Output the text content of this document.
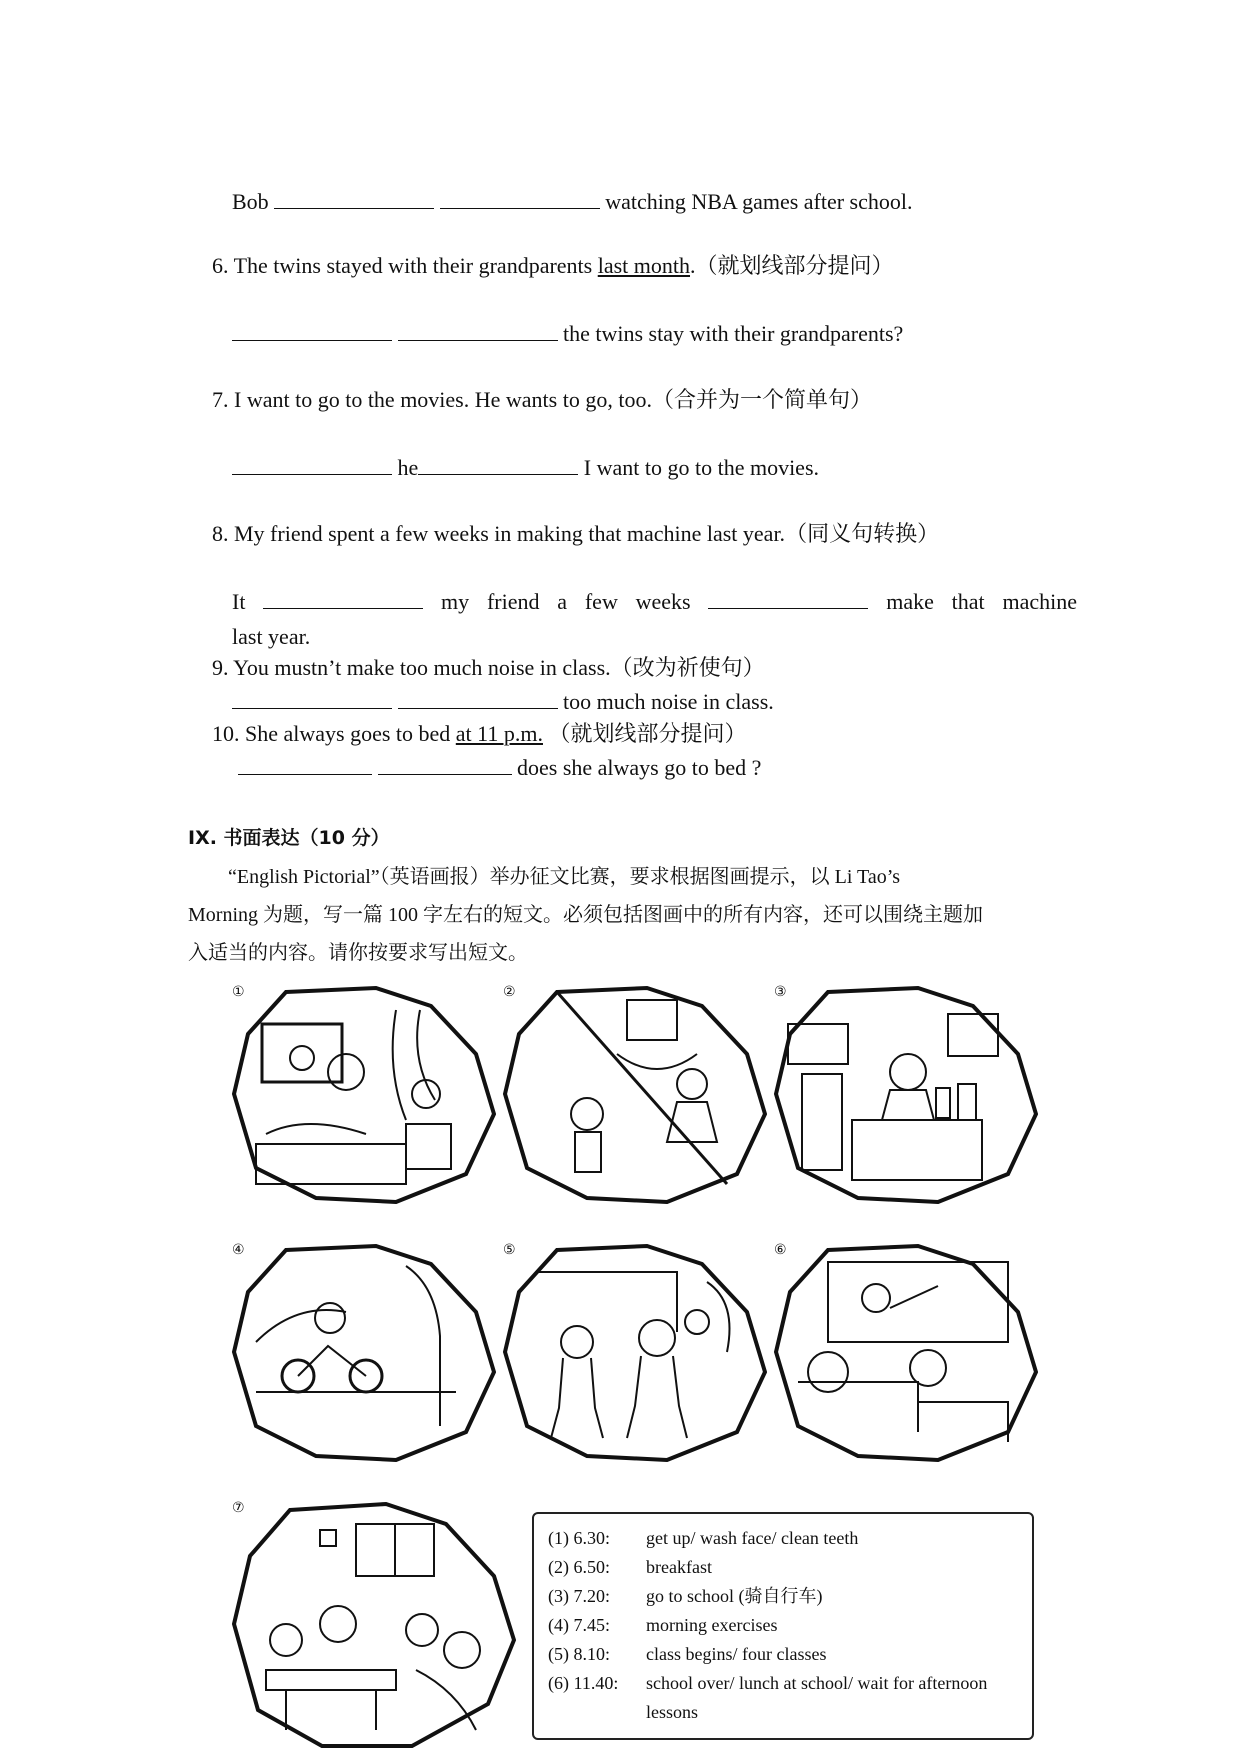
Bob	watching NBA games after school.
6. The twins stayed with their grandparents last month.（就划线部分提问）
the twins stay with their grandparents?
7. I want to go to the movies. He wants to go, too.（合并为一个简单句）
he	I want to go to the movies.
8. My friend spent a few weeks in making that machine last year.（同义句转换）
It	my friend a few weeks	make that machine
last year.
9. You mustn’t make too much noise in class.（改为祈使句）
too much noise in class.
10. She always goes to bed at 11 p.m. （就划线部分提问）
does she always go to bed ?
IX. 书面表达（10 分）

“English Pictorial”（英语画报）举办征文比赛，要求根据图画提示，以 Li Tao’s

Morning 为题，写一篇 100 字左右的短文。必须包括图画中的所有内容，还可以围绕主题加

入适当的内容。请你按要求写出短文。

①	②	③
④	⑤	⑥
⑦
(1) 6.30:	get up/ wash face/ clean teeth
(2) 6.50:	breakfast
(3) 7.20:	go to school (骑自行车)
(4) 7.45:	morning exercises
(5) 8.10:	class begins/ four classes
(6) 11.40:	school over/ lunch at school/ wait for afternoon lessons
